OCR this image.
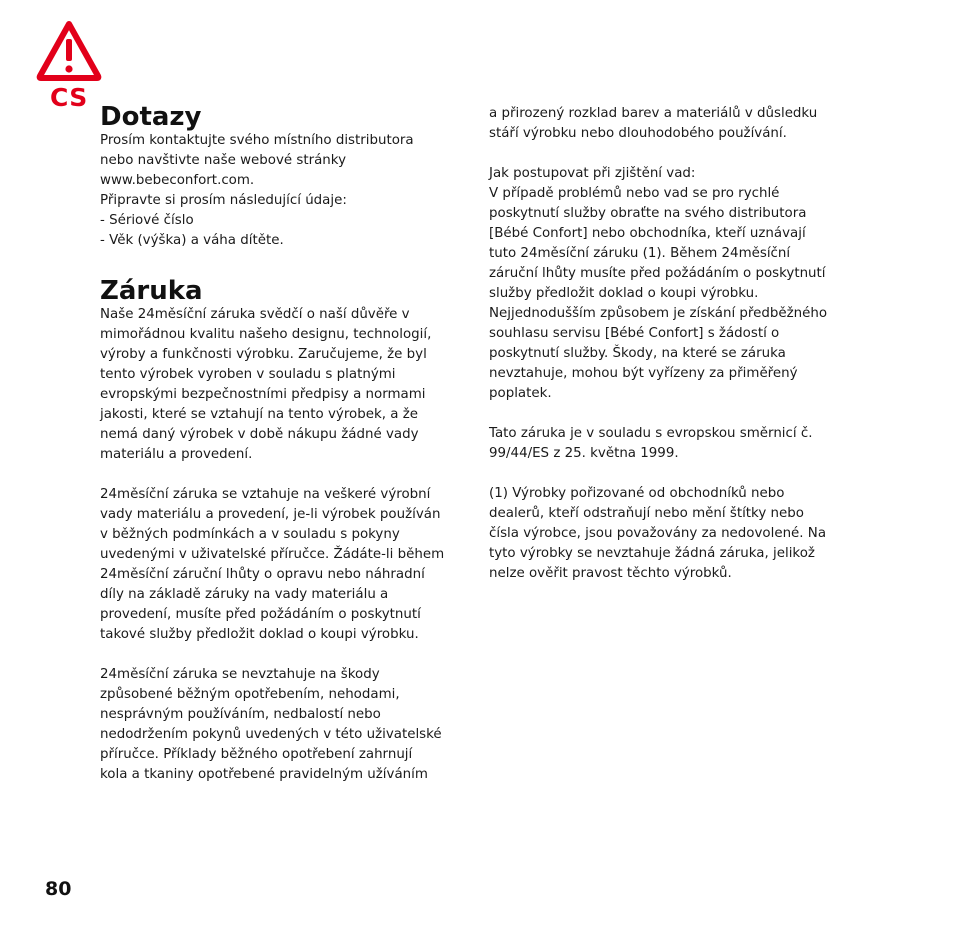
CS
Dotazy

Prosím kontaktujte svého místního distributora
nebo navštivte naše webové stránky
www.bebeconfort.com.
Připravte si prosím následující údaje:
- Sériové číslo
- Věk (výška) a váha dítěte.

Záruka

Naše 24měsíční záruka svědčí o naší důvěře v
mimořádnou kvalitu našeho designu, technologií,
výroby a funkčnosti výrobku. Zaručujeme, že byl
tento výrobek vyroben v souladu s platnými
evropskými bezpečnostními předpisy a normami
jakosti, které se vztahují na tento výrobek, a že
nemá daný výrobek v době nákupu žádné vady
materiálu a provedení.

24měsíční záruka se vztahuje na veškeré výrobní
vady materiálu a provedení, je-li výrobek používán
v běžných podmínkách a v souladu s pokyny
uvedenými v uživatelské příručce. Žádáte-li během
24měsíční záruční lhůty o opravu nebo náhradní
díly na základě záruky na vady materiálu a
provedení, musíte před požádáním o poskytnutí
takové služby předložit doklad o koupi výrobku.

24měsíční záruka se nevztahuje na škody
způsobené běžným opotřebením, nehodami,
nesprávným používáním, nedbalostí nebo
nedodržením pokynů uvedených v této uživatelské
příručce. Příklady běžného opotřebení zahrnují
kola a tkaniny opotřebené pravidelným užíváním

a přirozený rozklad barev a materiálů v důsledku
stáří výrobku nebo dlouhodobého používání.

Jak postupovat při zjištění vad:
V případě problémů nebo vad se pro rychlé
poskytnutí služby obraťte na svého distributora
[Bébé Confort] nebo obchodníka, kteří uznávají
tuto 24měsíční záruku (1). Během 24měsíční
záruční lhůty musíte před požádáním o poskytnutí
služby předložit doklad o koupi výrobku.
Nejjednodušším způsobem je získání předběžného
souhlasu servisu [Bébé Confort] s žádostí o
poskytnutí služby. Škody, na které se záruka
nevztahuje, mohou být vyřízeny za přiměřený
poplatek.

Tato záruka je v souladu s evropskou směrnicí č.
99/44/ES z 25. května 1999.

(1) Výrobky pořizované od obchodníků nebo
dealerů, kteří odstraňují nebo mění štítky nebo
čísla výrobce, jsou považovány za nedovolené. Na
tyto výrobky se nevztahuje žádná záruka, jelikož
nelze ověřit pravost těchto výrobků.

80
